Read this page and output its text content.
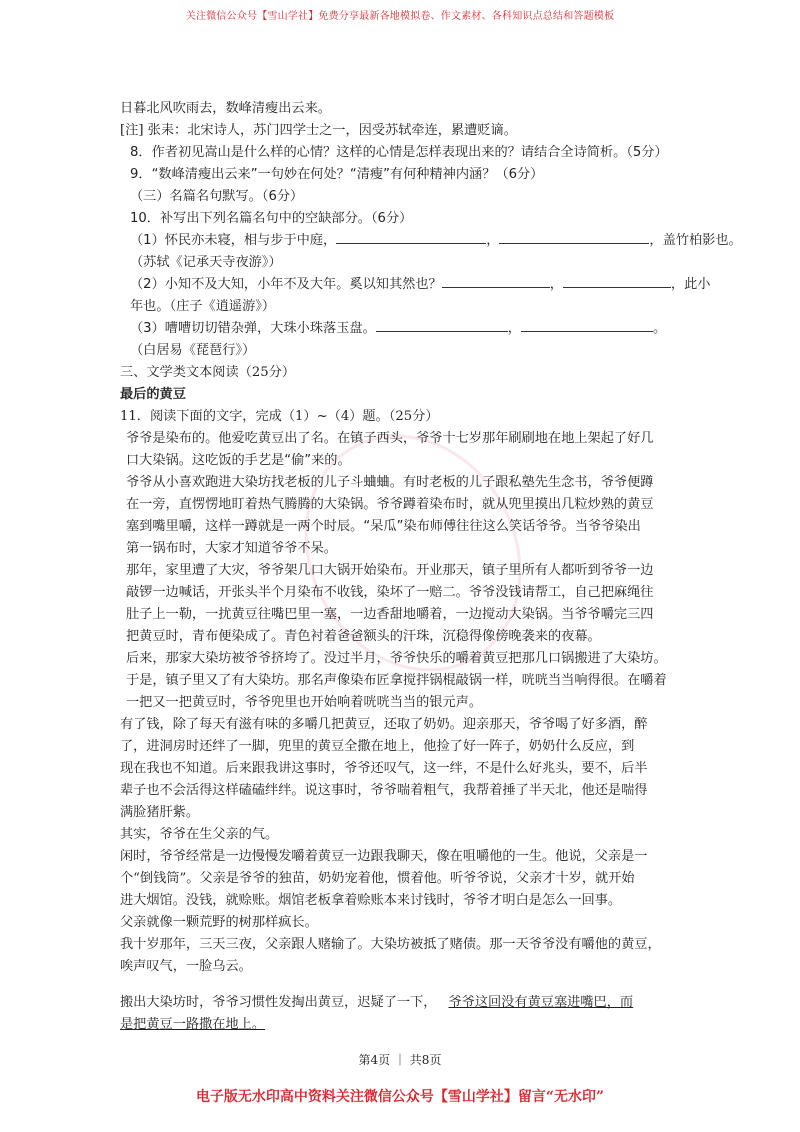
关注微信公众号【雪山学社】免费分享最新各地模拟卷、作文素材、各科知识点总结和答题模板
日暮北风吹雨去，数峰清瘦出云来。
[注] 张耒：北宋诗人，苏门四学士之一，因受苏轼牵连，累遭贬谪。
8．作者初见嵩山是什么样的心情？这样的心情是怎样表现出来的？请结合全诗简析。（5分）
9．“数峰清瘦出云来”一句妙在何处？“清瘦”有何种精神内涵？（6分）
（三）名篇名句默写。（6分）
10．补写出下列名篇名句中的空缺部分。（6分）
（1）怀民亦未寝，相与步于中庭，	，	，盖竹柏影也。
（苏轼《记承天寺夜游》）
（2）小知不及大知，小年不及大年。奚以知其然也？	，	，此小
年也。（庄子《逍遥游》）
（3）嘈嘈切切错杂弹，大珠小珠落玉盘。	，	。
（白居易《琵琶行》）
三、文学类文本阅读（25分）
最后的黄豆
11．阅读下面的文字，完成（1）~（4）题。（25分）
爷爷是染布的。他爱吃黄豆出了名。在镇子西头，爷爷十七岁那年刷刷地在地上架起了好几
口大染锅。这吃饭的手艺是“偷”来的。
爷爷从小喜欢跑进大染坊找老板的儿子斗蛐蛐。有时老板的儿子跟私塾先生念书，爷爷便蹲
在一旁，直愣愣地盯着热气腾腾的大染锅。爷爷蹲着染布时，就从兜里摸出几粒炒熟的黄豆
塞到嘴里嚼，这样一蹲就是一两个时辰。“呆瓜”染布师傅往往这么笑话爷爷。当爷爷染出
第一锅布时，大家才知道爷爷不呆。
那年，家里遭了大灾，爷爷架几口大锅开始染布。开业那天，镇子里所有人都听到爷爷一边
敲锣一边喊话，开张头半个月染布不收钱，染坏了一赔二。爷爷没钱请帮工，自己把麻绳往
肚子上一勒，一扰黄豆往嘴巴里一塞，一边香甜地嚼着，一边搅动大染锅。当爷爷嚼完三四
把黄豆时，青布便染成了。青色衬着爸爸额头的汗珠，沉稳得像傍晚袭来的夜幕。
后来，那家大染坊被爷爷挤垮了。没过半月，爷爷快乐的嚼着黄豆把那几口锅搬进了大染坊。
于是，镇子里又了有大染坊。那名声像染布匠拿搅拌锅棍敲锅一样，咣咣当当响得很。在嚼着
一把又一把黄豆时，爷爷兜里也开始响着咣咣当当的银元声。
有了钱，除了每天有滋有味的多嚼几把黄豆，还取了奶奶。迎亲那天，爷爷喝了好多酒，醉
了，进洞房时还绊了一脚，兜里的黄豆全撒在地上，他捡了好一阵子，奶奶什么反应，到
现在我也不知道。后来跟我讲这事时，爷爷还叹气，这一绊，不是什么好兆头，要不，后半
辈子也不会活得这样磕磕绊绊。说这事时，爷爷喘着粗气，我帮着捶了半天北，他还是喘得
满脸猪肝紫。
其实，爷爷在生父亲的气。
闲时，爷爷经常是一边慢慢发嚼着黄豆一边跟我聊天，像在咀嚼他的一生。他说，父亲是一
个“倒钱筒”。父亲是爷爷的独苗，奶奶宠着他，惯着他。听爷爷说，父亲才十岁，就开始
进大烟馆。没钱，就赊账。烟馆老板拿着赊账本来讨钱时，爷爷才明白是怎么一回事。
父亲就像一颗荒野的树那样疯长。
我十岁那年，三天三夜，父亲跟人赌输了。大染坊被抵了赌债。那一天爷爷没有嚼他的黄豆，
唉声叹气，一脸乌云。
搬出大染坊时，爷爷习惯性发掏出黄豆，迟疑了一下， 爷爷这回没有黄豆塞进嘴巴，而
是把黄豆一路撒在地上。
第4页 ｜ 共8页
电子版无水印高中资料关注微信公众号【雪山学社】留言“无水印”
